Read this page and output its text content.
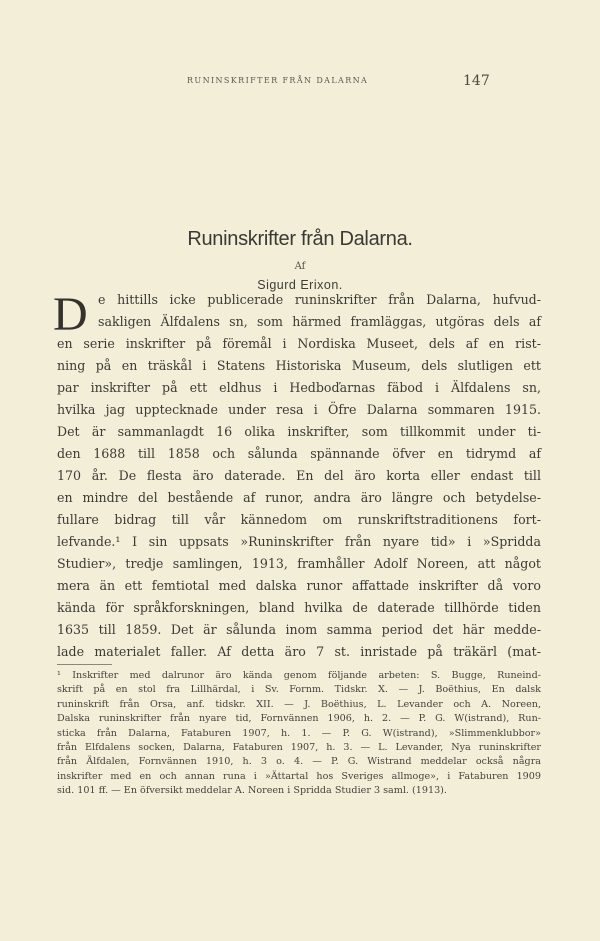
RUNINSKRIFTER FRÅN DALARNA	147
Runinskrifter från Dalarna.
Af
Sigurd Erixon.
D e hittills icke publicerade runinskrifter från Dalarna, hufvud-
sakligen Älfdalens sn, som härmed framläggas, utgöras dels af
en serie inskrifter på föremål i Nordiska Museet, dels af en rist-
ning på en träskål i Statens Historiska Museum, dels slutligen ett
par inskrifter på ett eldhus i Hedboďarnas fäbod i Älfdalens sn,
hvilka jag upptecknade under resa i Öfre Dalarna sommaren 1915.
Det är sammanlagdt 16 olika inskrifter, som tillkommit under ti-
den 1688 till 1858 och sålunda spännande öfver en tidrymd af
170 år. De flesta äro daterade. En del äro korta eller endast till
en mindre del bestående af runor, andra äro längre och betydelse-
fullare bidrag till vår kännedom om runskriftstraditionens fort-
lefvande.¹ I sin uppsats »Runinskrifter från nyare tid» i »Spridda
Studier», tredje samlingen, 1913, framhåller Adolf Noreen, att något
mera än ett femtiotal med dalska runor affattade inskrifter då voro
kända för språkforskningen, bland hvilka de daterade tillhörde tiden
1635 till 1859. Det är sålunda inom samma period det här medde-
lade materialet faller. Af detta äro 7 st. inristade på träkärl (mat-
¹ Inskrifter med dalrunor äro kända genom följande arbeten: S. Bugge, Runeind-
skrift på en stol fra Lillhärdal, i Sv. Fornm. Tidskr. X. — J. Boëthius, En dalsk
runinskrift från Orsa, anf. tidskr. XII. — J. Boëthius, L. Levander och A. Noreen,
Dalska runinskrifter från nyare tid, Fornvännen 1906, h. 2. — P. G. W(istrand), Run-
sticka från Dalarna, Fataburen 1907, h. 1. — P. G. W(istrand), »Slimmenklubbor»
från Elfdalens socken, Dalarna, Fataburen 1907, h. 3. — L. Levander, Nya runinskrifter
från Älfdalen, Fornvännen 1910, h. 3 o. 4. — P. G. Wistrand meddelar också några
inskrifter med en och annan runa i »Ättartal hos Sveriges allmoge», i Fataburen 1909
sid. 101 ff. — En öfversikt meddelar A. Noreen i Spridda Studier 3 saml. (1913).
